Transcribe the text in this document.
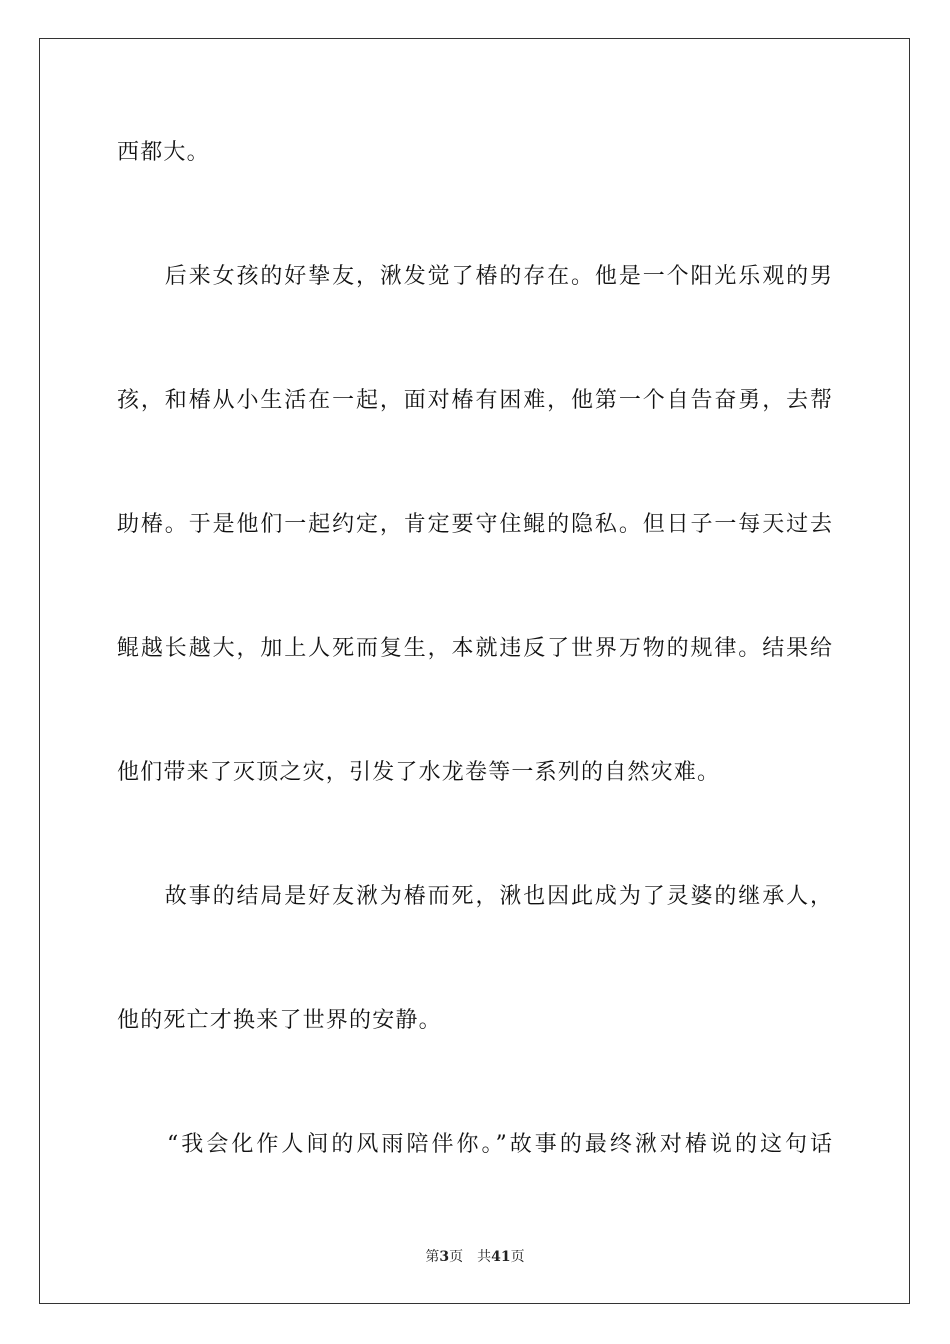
西都大。
　　后来女孩的好挚友，湫发觉了椿的存在。他是一个阳光乐观的男
孩，和椿从小生活在一起，面对椿有困难，他第一个自告奋勇，去帮
助椿。于是他们一起约定，肯定要守住鲲的隐私。但日子一每天过去
鲲越长越大，加上人死而复生，本就违反了世界万物的规律。结果给
他们带来了灭顶之灾，引发了水龙卷等一系列的自然灾难。
　　故事的结局是好友湫为椿而死，湫也因此成为了灵婆的继承人，
他的死亡才换来了世界的安静。
　　“我会化作人间的风雨陪伴你。”故事的最终湫对椿说的这句话
第3页 共41页
